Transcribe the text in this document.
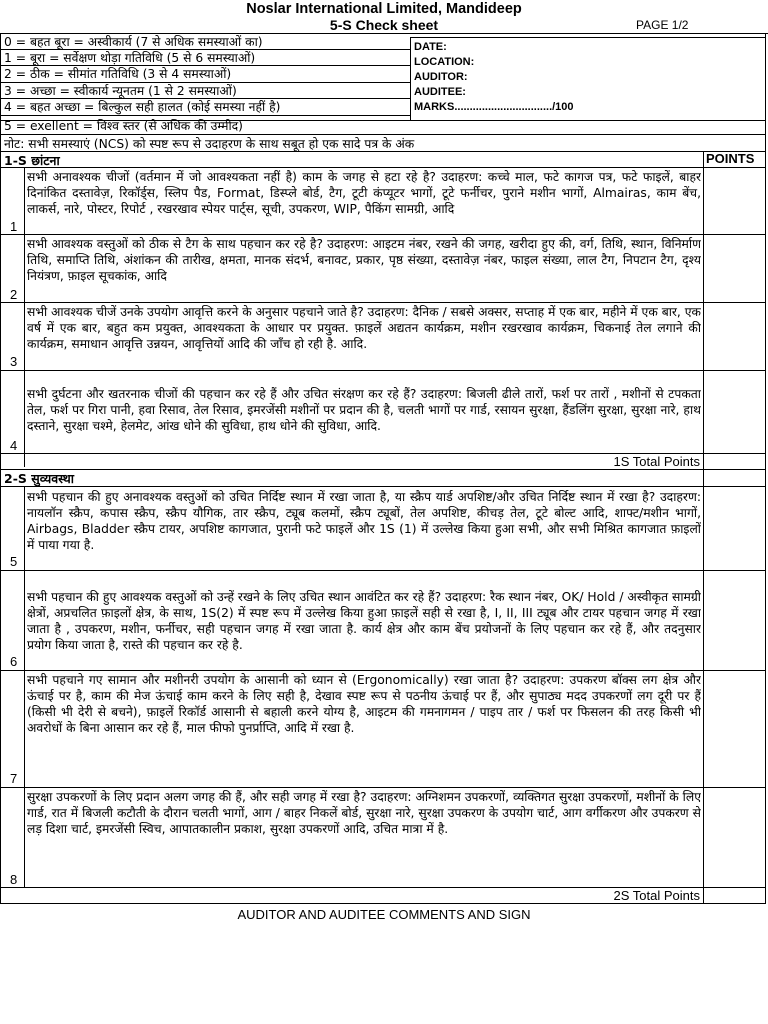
Noslar International Limited, Mandideep
5-S Check sheet	PAGE 1/2
0 = बहत बूरा = अस्वीकार्य (7 से अधिक समस्याओं का)
1 = बूरा = सर्वेक्षण थोड़ा गतिविधि (5 से 6 समस्याओं)
2 = ठीक = सीमांत गतिविधि (3 से 4 समस्याओं)
3 = अच्छा = स्वीकार्य न्यूनतम (1 से 2 समस्याओं)
4 = बहत अच्छा = बिल्कुल सही हालत (कोई समस्या नहीं है)
5 = exellent = विश्व स्तर (से अधिक की उम्मीद)
DATE:
LOCATION:
AUDITOR:
AUDITEE:
MARKS................................/100
नोट: सभी समस्याएं (NCS) को स्पष्ट रूप से उदाहरण के साथ सबूत हो एक सादे पत्र के अंक
1-S छांटना	POINTS
सभी अनावश्यक चीजों (वर्तमान में जो आवश्यकता नहीं है) काम के जगह से हटा रहे है? उदाहरण: कच्चे माल, फटे कागज पत्र, फटे फाइलें, बाहर दिनांकित दस्तावेज़, रिकॉर्ड्स, स्लिप पैड, Format, डिस्प्ले बोर्ड, टैग, टूटी कंप्यूटर भागों, टूटे फर्नीचर, पुराने मशीन भागों, Almairas, काम बेंच, लाकर्स, नारे, पोस्टर, रिपोर्ट , रखरखाव स्पेयर पार्ट्स, सूची, उपकरण, WIP, पैकिंग सामग्री, आदि
1
सभी आवश्यक वस्तुओं को ठीक से टैग के साथ पहचान कर रहे है? उदाहरण: आइटम नंबर, रखने की जगह, खरीदा हुए की, वर्ग, तिथि, स्थान, विनिर्माण तिथि, समाप्ति तिथि, अंशांकन की तारीख, क्षमता, मानक संदर्भ, बनावट, प्रकार, पृष्ठ संख्या, दस्तावेज़ नंबर, फाइल संख्या, लाल टैग, निपटान टैग, दृश्य नियंत्रण, फ़ाइल सूचकांक, आदि
2
सभी आवश्यक चीजें उनके उपयोग आवृत्ति करने के अनुसार पहचाने जाते है? उदाहरण: दैनिक / सबसे अक्सर, सप्ताह में एक बार, महीने में एक बार, एक वर्ष में एक बार, बहुत कम प्रयुक्त, आवश्यकता के आधार पर प्रयुक्त. फ़ाइलें अद्यतन कार्यक्रम, मशीन रखरखाव कार्यक्रम, चिकनाई तेल लगाने की कार्यक्रम, समाधान आवृत्ति उन्नयन, आवृत्तियों आदि की जाँच हो रही है. आदि.
3
सभी दुर्घटना और खतरनाक चीजों की पहचान कर रहे हैं और उचित संरक्षण कर रहे हैं? उदाहरण: बिजली ढीले तारों, फर्श पर तारों , मशीनों से टपकता तेल, फर्श पर गिरा पानी, हवा रिसाव, तेल रिसाव, इमरजेंसी मशीनों पर प्रदान की है, चलती भागों पर गार्ड, रसायन सुरक्षा, हैंडलिंग सुरक्षा, सुरक्षा नारे, हाथ दस्ताने, सुरक्षा चश्मे, हेलमेट, आंख धोने की सुविधा, हाथ धोने की सुविधा, आदि.
4
1S Total Points
2-S सुव्यवस्था
सभी पहचान की हुए अनावश्यक वस्तुओं को उचित निर्दिष्ट स्थान में रखा जाता है, या स्क्रैप यार्ड अपशिष्ट/और उचित निर्दिष्ट स्थान में रखा है? उदाहरण: नायलॉन स्क्रैप, कपास स्क्रैप, स्क्रैप यौगिक, तार स्क्रैप, ट्यूब कलमों, स्क्रैप ट्यूबों, तेल अपशिष्ट, कीचड़ तेल, टूटे बोल्ट आदि, शाफ्ट/मशीन भागों, Airbags, Bladder स्क्रैप टायर, अपशिष्ट कागजात, पुरानी फटे फाइलें और 1S (1) में उल्लेख किया हुआ सभी, और सभी मिश्रित कागजात फ़ाइलों में पाया गया है.
5
सभी पहचान की हुए आवश्यक वस्तुओं को उन्हें रखने के लिए उचित स्थान आवंटित कर रहे हैं? उदाहरण: रैक स्थान नंबर, OK/ Hold / अस्वीकृत सामग्री क्षेत्रों, अप्रचलित फ़ाइलों क्षेत्र, के साथ, 1S(2) में स्पष्ट रूप में उल्लेख किया हुआ फ़ाइलें सही से रखा है, I, II, III ट्यूब और टायर पहचान जगह में रखा जाता है , उपकरण, मशीन, फर्नीचर, सही पहचान जगह में रखा जाता है. कार्य क्षेत्र और काम बेंच प्रयोजनों के लिए पहचान कर रहे हैं, और तदनुसार प्रयोग किया जाता है, रास्ते की पहचान कर रहे है.
6
सभी पहचाने गए सामान और मशीनरी उपयोग के आसानी को ध्यान से (Ergonomically) रखा जाता है? उदाहरण: उपकरण बॉक्स लग क्षेत्र और ऊंचाई पर है, काम की मेज ऊंचाई काम करने के लिए सही है, देखाव स्पष्ट रूप से पठनीय ऊंचाई पर हैं, और सुपाठ्य मदद उपकरणों लग दूरी पर हैं (किसी भी देरी से बचने), फ़ाइलें रिकॉर्ड आसानी से बहाली करने योग्य है, आइटम की गमनागमन / पाइप तार / फर्श पर फिसलन की तरह किसी भी अवरोधों के बिना आसान कर रहे हैं, माल फीफो पुनर्प्राप्ति, आदि में रखा है.
7
सुरक्षा उपकरणों के लिए प्रदान अलग जगह की हैं, और सही जगह में रखा है? उदाहरण: अग्निशमन उपकरणों, व्यक्तिगत सुरक्षा उपकरणों, मशीनों के लिए गार्ड, रात में बिजली कटौती के दौरान चलती भागों, आग / बाहर निकलें बोर्ड, सुरक्षा नारे, सुरक्षा उपकरण के उपयोग चार्ट, आग वर्गीकरण और उपकरण से लड़ दिशा चार्ट, इमरजेंसी स्विच, आपातकालीन प्रकाश, सुरक्षा उपकरणों आदि, उचित मात्रा में है.
8
2S Total Points
AUDITOR AND AUDITEE COMMENTS AND SIGN
